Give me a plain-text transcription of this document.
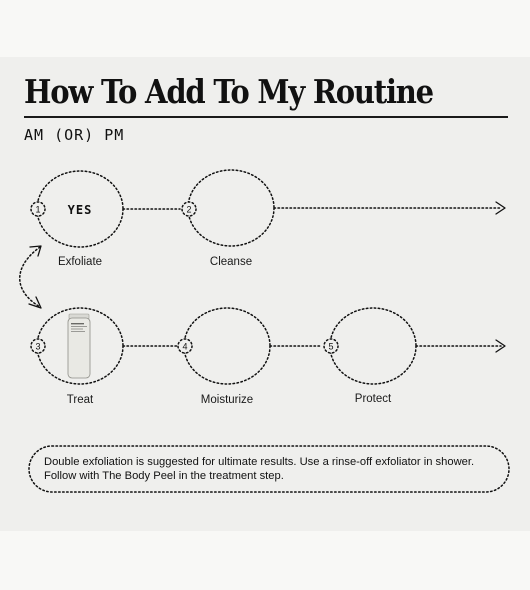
How To Add To My Routine
AM (OR) PM
1	2
3	4	5
YES
Exfoliate	Cleanse
Treat	Moisturize	Protect
Double exfoliation is suggested for ultimate results. Use a rinse-off exfoliator in shower.
Follow with The Body Peel in the treatment step.
